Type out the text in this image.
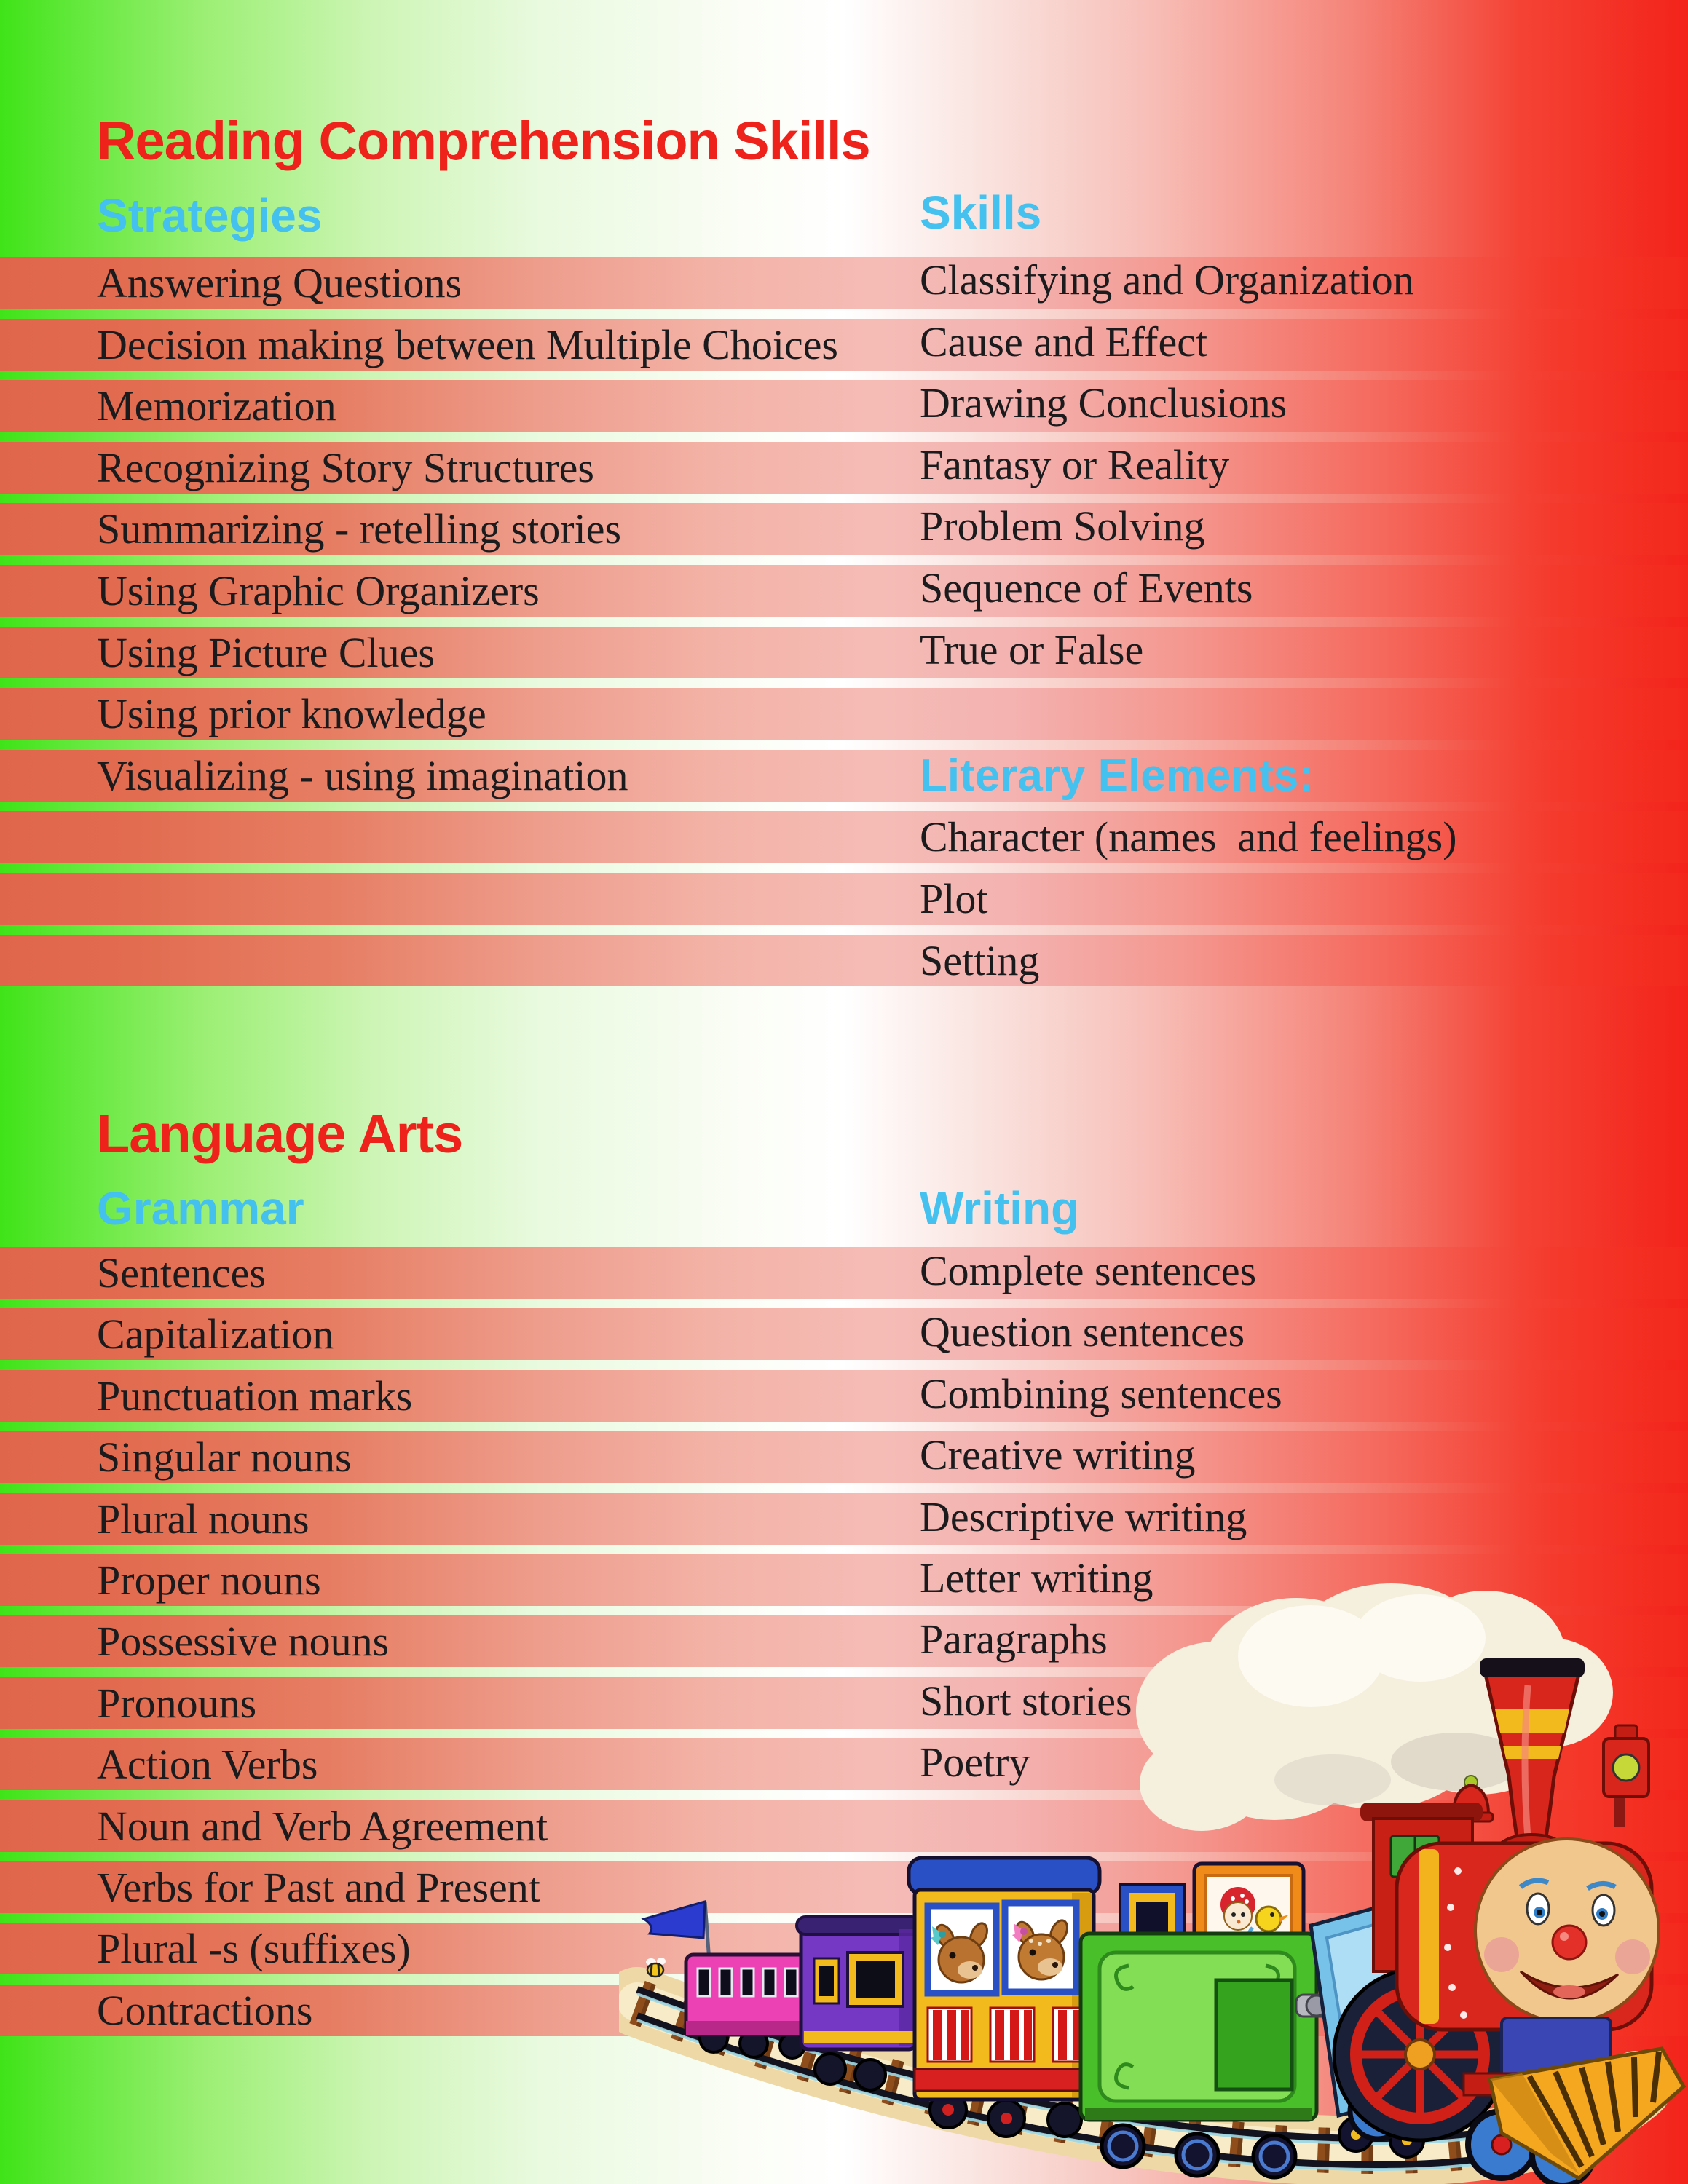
Reading Comprehension Skills
Strategies	Skills
Literary Elements:
Answering Questions
Decision making between Multiple Choices
Memorization
Recognizing Story Structures
Summarizing - retelling stories
Using Graphic Organizers
Using Picture Clues
Using prior knowledge
Visualizing - using imagination
Classifying and Organization
Cause and Effect
Drawing Conclusions
Fantasy or Reality
Problem Solving
Sequence of Events
True or False
Character (names  and feelings)
Plot
Setting
Language Arts
Grammar	Writing
Sentences
Capitalization
Punctuation marks
Singular nouns
Plural nouns
Proper nouns
Possessive nouns
Pronouns
Action Verbs
Noun and Verb Agreement
Verbs for Past and Present
Plural -s (suffixes)
Contractions
Complete sentences
Question sentences
Combining sentences
Creative writing
Descriptive writing
Letter writing
Paragraphs
Short stories
Poetry
